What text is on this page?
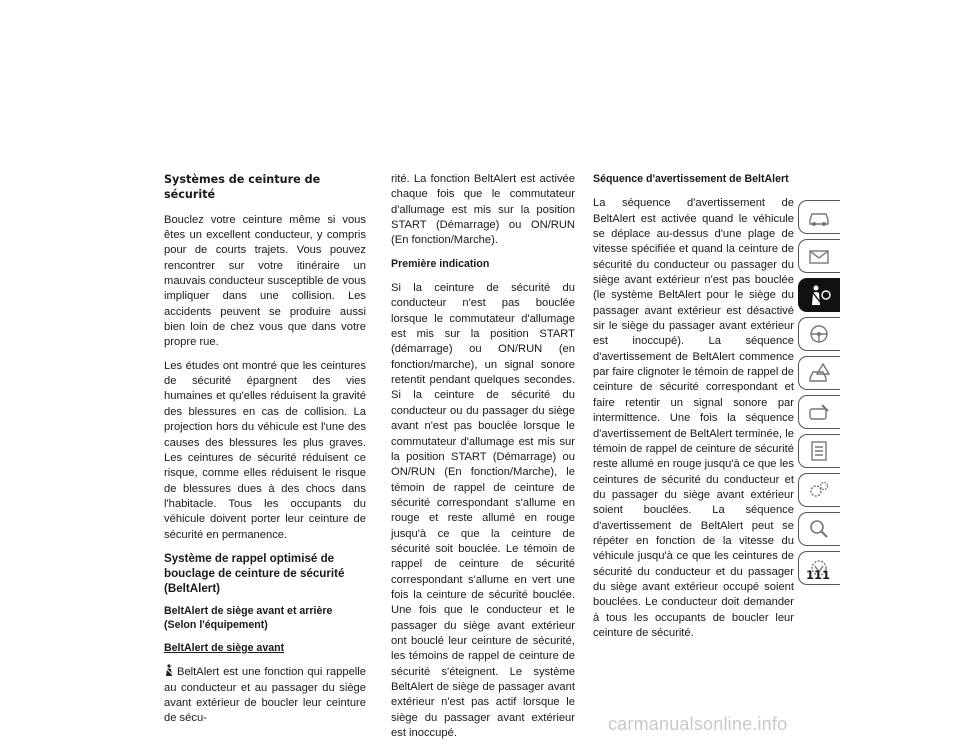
Systèmes de ceinture de sécurité

Bouclez votre ceinture même si vous êtes un excellent conducteur, y compris pour de courts trajets. Vous pouvez rencontrer sur votre itinéraire un mauvais conducteur susceptible de vous impliquer dans une collision. Les accidents peuvent se produire aussi bien loin de chez vous que dans votre propre rue.

Les études ont montré que les ceintures de sécurité épargnent des vies humaines et qu'elles réduisent la gravité des blessures en cas de collision. La projection hors du véhicule est l'une des causes des blessures les plus graves. Les ceintures de sécurité réduisent ce risque, comme elles réduisent le risque de blessures dues à des chocs dans l'habitacle. Tous les occupants du véhicule doivent porter leur ceinture de sécurité en permanence.

Système de rappel optimisé de bouclage de ceinture de sécurité (BeltAlert)
BeltAlert de siège avant et arrière (Selon l'équipement)
BeltAlert de siège avant

BeltAlert est une fonction qui rappelle au conducteur et au passager du siège avant extérieur de boucler leur ceinture de sécu-

rité. La fonction BeltAlert est activée chaque fois que le commutateur d'allumage est mis sur la position START (Démarrage) ou ON/RUN (En fonction/Marche).

Première indication

Si la ceinture de sécurité du conducteur n'est pas bouclée lorsque le commutateur d'allumage est mis sur la position START (démarrage) ou ON/RUN (en fonction/marche), un signal sonore retentit pendant quelques secondes. Si la ceinture de sécurité du conducteur ou du passager du siège avant n'est pas bouclée lorsque le commutateur d'allumage est mis sur la position START (Démarrage) ou ON/RUN (En fonction/Marche), le témoin de rappel de ceinture de sécurité correspondant s'allume en rouge et reste allumé en rouge jusqu'à ce que la ceinture de sécurité soit bouclée. Le témoin de rappel de ceinture de sécurité correspondant s'allume en vert une fois la ceinture de sécurité bouclée. Une fois que le conducteur et le passager du siège avant extérieur ont bouclé leur ceinture de sécurité, les témoins de rappel de ceinture de sécurité s'éteignent. Le système BeltAlert de siège de passager avant extérieur n'est pas actif lorsque le siège du passager avant extérieur est inoccupé.

Séquence d'avertissement de BeltAlert

La séquence d'avertissement de BeltAlert est activée quand le véhicule se déplace au-dessus d'une plage de vitesse spécifiée et quand la ceinture de sécurité du conducteur ou passager du siège avant extérieur n'est pas bouclée (le système BeltAlert pour le siège du passager avant extérieur est désactivé sir le siège du passager avant extérieur est inoccupé). La séquence d'avertissement de BeltAlert commence par faire clignoter le témoin de rappel de ceinture de sécurité correspondant et faire retentir un signal sonore par intermittence. Une fois la séquence d'avertissement de BeltAlert terminée, le témoin de rappel de ceinture de sécurité reste allumé en rouge jusqu'à ce que les ceintures de sécurité du conducteur et du passager du siège avant extérieur soient bouclées. La séquence d'avertissement de BeltAlert peut se répéter en fonction de la vitesse du véhicule jusqu'à ce que les ceintures de sécurité du conducteur et du passager du siège avant extérieur occupé soient bouclées. Le conducteur doit demander à tous les occupants de boucler leur ceinture de sécurité.

111
carmanualsonline.info
